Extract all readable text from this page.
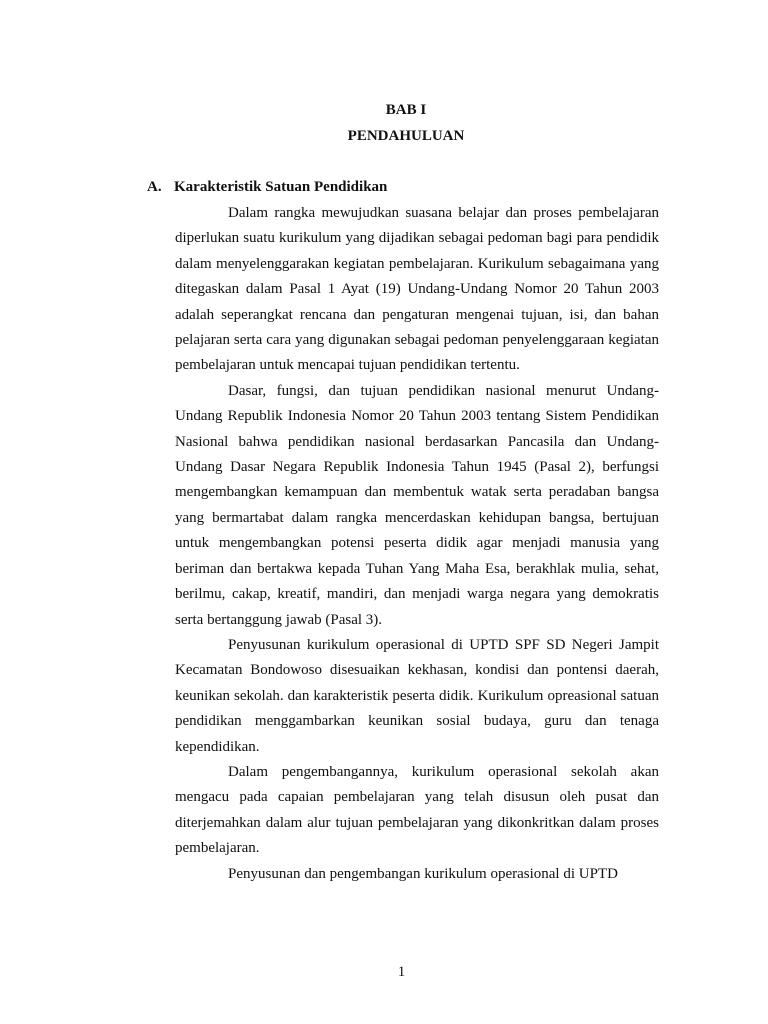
BAB I
PENDAHULUAN
A. Karakteristik Satuan Pendidikan

Dalam rangka mewujudkan suasana belajar dan proses pembelajaran diperlukan suatu kurikulum yang dijadikan sebagai pedoman bagi para pendidik dalam menyelenggarakan kegiatan pembelajaran. Kurikulum sebagaimana yang ditegaskan dalam Pasal 1 Ayat (19) Undang-Undang Nomor 20 Tahun 2003 adalah seperangkat rencana dan pengaturan mengenai tujuan, isi, dan bahan pelajaran serta cara yang digunakan sebagai pedoman penyelenggaraan kegiatan pembelajaran untuk mencapai tujuan pendidikan tertentu.

Dasar, fungsi, dan tujuan pendidikan nasional menurut Undang-Undang Republik Indonesia Nomor 20 Tahun 2003 tentang Sistem Pendidikan Nasional bahwa pendidikan nasional berdasarkan Pancasila dan Undang-Undang Dasar Negara Republik Indonesia Tahun 1945 (Pasal 2), berfungsi mengembangkan kemampuan dan membentuk watak serta peradaban bangsa yang bermartabat dalam rangka mencerdaskan kehidupan bangsa, bertujuan untuk mengembangkan potensi peserta didik agar menjadi manusia yang beriman dan bertakwa kepada Tuhan Yang Maha Esa, berakhlak mulia, sehat, berilmu, cakap, kreatif, mandiri, dan menjadi warga negara yang demokratis serta bertanggung jawab (Pasal 3).

Penyusunan kurikulum operasional di UPTD SPF SD Negeri Jampit Kecamatan Bondowoso disesuaikan kekhasan, kondisi dan pontensi daerah, keunikan sekolah. dan karakteristik peserta didik. Kurikulum opreasional satuan pendidikan menggambarkan keunikan sosial budaya, guru dan tenaga kependidikan.

Dalam pengembangannya, kurikulum operasional sekolah akan mengacu pada capaian pembelajaran yang telah disusun oleh pusat dan diterjemahkan dalam alur tujuan pembelajaran yang dikonkritkan dalam proses pembelajaran.

Penyusunan dan pengembangan kurikulum operasional di UPTD

1
